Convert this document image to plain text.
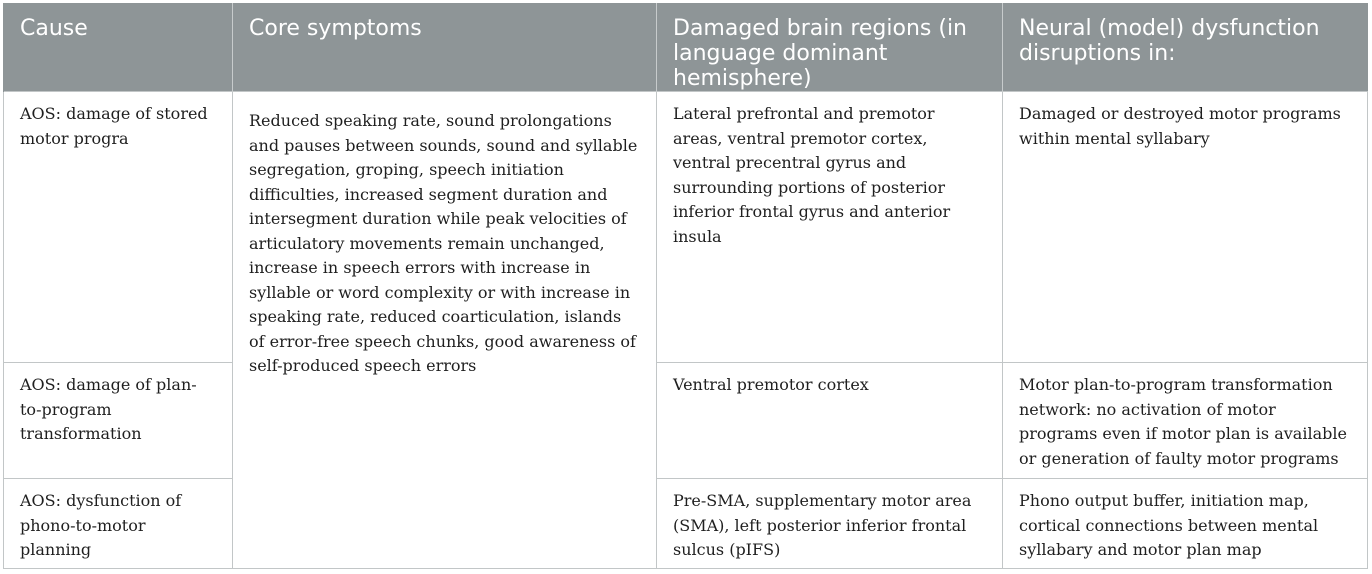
Cause	Core symptoms	Damaged brain regions (in language dominant hemisphere)	Neural (model) dysfunction disruptions in:
AOS: damage of stored motor progra	Reduced speaking rate, sound prolongations and pauses between sounds, sound and syllable segregation, groping, speech initiation difficulties, increased segment duration and intersegment duration while peak velocities of articulatory movements remain unchanged, increase in speech errors with increase in syllable or word complexity or with increase in speaking rate, reduced coarticulation, islands of error-free speech chunks, good awareness of self-produced speech errors	Lateral prefrontal and premotor areas, ventral premotor cortex, ventral precentral gyrus and surrounding portions of posterior inferior frontal gyrus and anterior insula	Damaged or destroyed motor programs within mental syllabary
AOS: damage of plan-to-program transformation		Ventral premotor cortex	Motor plan-to-program transformation network: no activation of motor programs even if motor plan is available or generation of faulty motor programs
AOS: dysfunction of phono-to-motor planning		Pre-SMA, supplementary motor area (SMA), left posterior inferior frontal sulcus (pIFS)	Phono output buffer, initiation map, cortical connections between mental syllabary and motor plan map
